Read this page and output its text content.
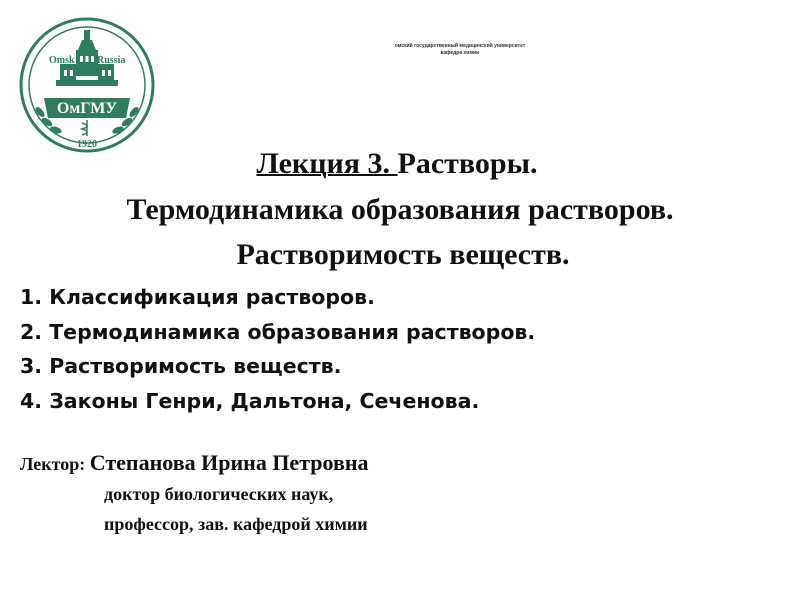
Omsk Russia
ОмГМУ
1920
омский государственный медицинский университет
кафедра химии
Лекция 3. Растворы.
Термодинамика образования растворов.
Растворимость веществ.
1. Классификация растворов.
2. Термодинамика образования растворов.
3. Растворимость веществ.
4. Законы Генри, Дальтона, Сеченова.
Лектор: Степанова Ирина Петровна
доктор биологических наук,
профессор, зав. кафедрой химии
